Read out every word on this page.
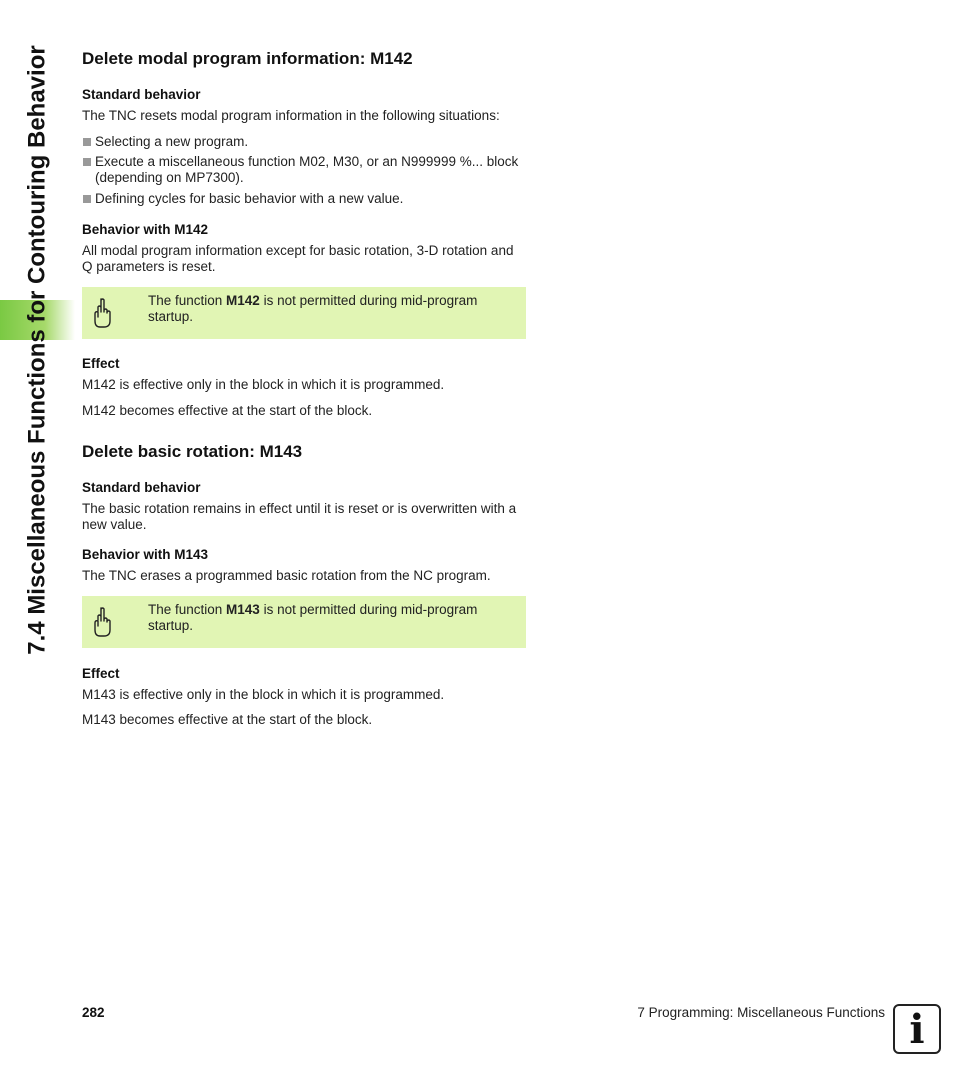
7.4 Miscellaneous Functions for Contouring Behavior Delete modal program information: M142
Standard behavior

The TNC resets modal program information in the following situations:

Selecting a new program.
Execute a miscellaneous function M02, M30, or an N999999 %... block (depending on MP7300).
Defining cycles for basic behavior with a new value.
Behavior with M142

All modal program information except for basic rotation, 3-D rotation and Q parameters is reset.

The function M142 is not permitted during mid-program startup.
Effect

M142 is effective only in the block in which it is programmed.

M142 becomes effective at the start of the block.

Delete basic rotation: M143
Standard behavior

The basic rotation remains in effect until it is reset or is overwritten with a new value.

Behavior with M143

The TNC erases a programmed basic rotation from the NC program.

The function M143 is not permitted during mid-program startup.
Effect

M143 is effective only in the block in which it is programmed.

M143 becomes effective at the start of the block.

282	7 Programming: Miscellaneous Functions i
